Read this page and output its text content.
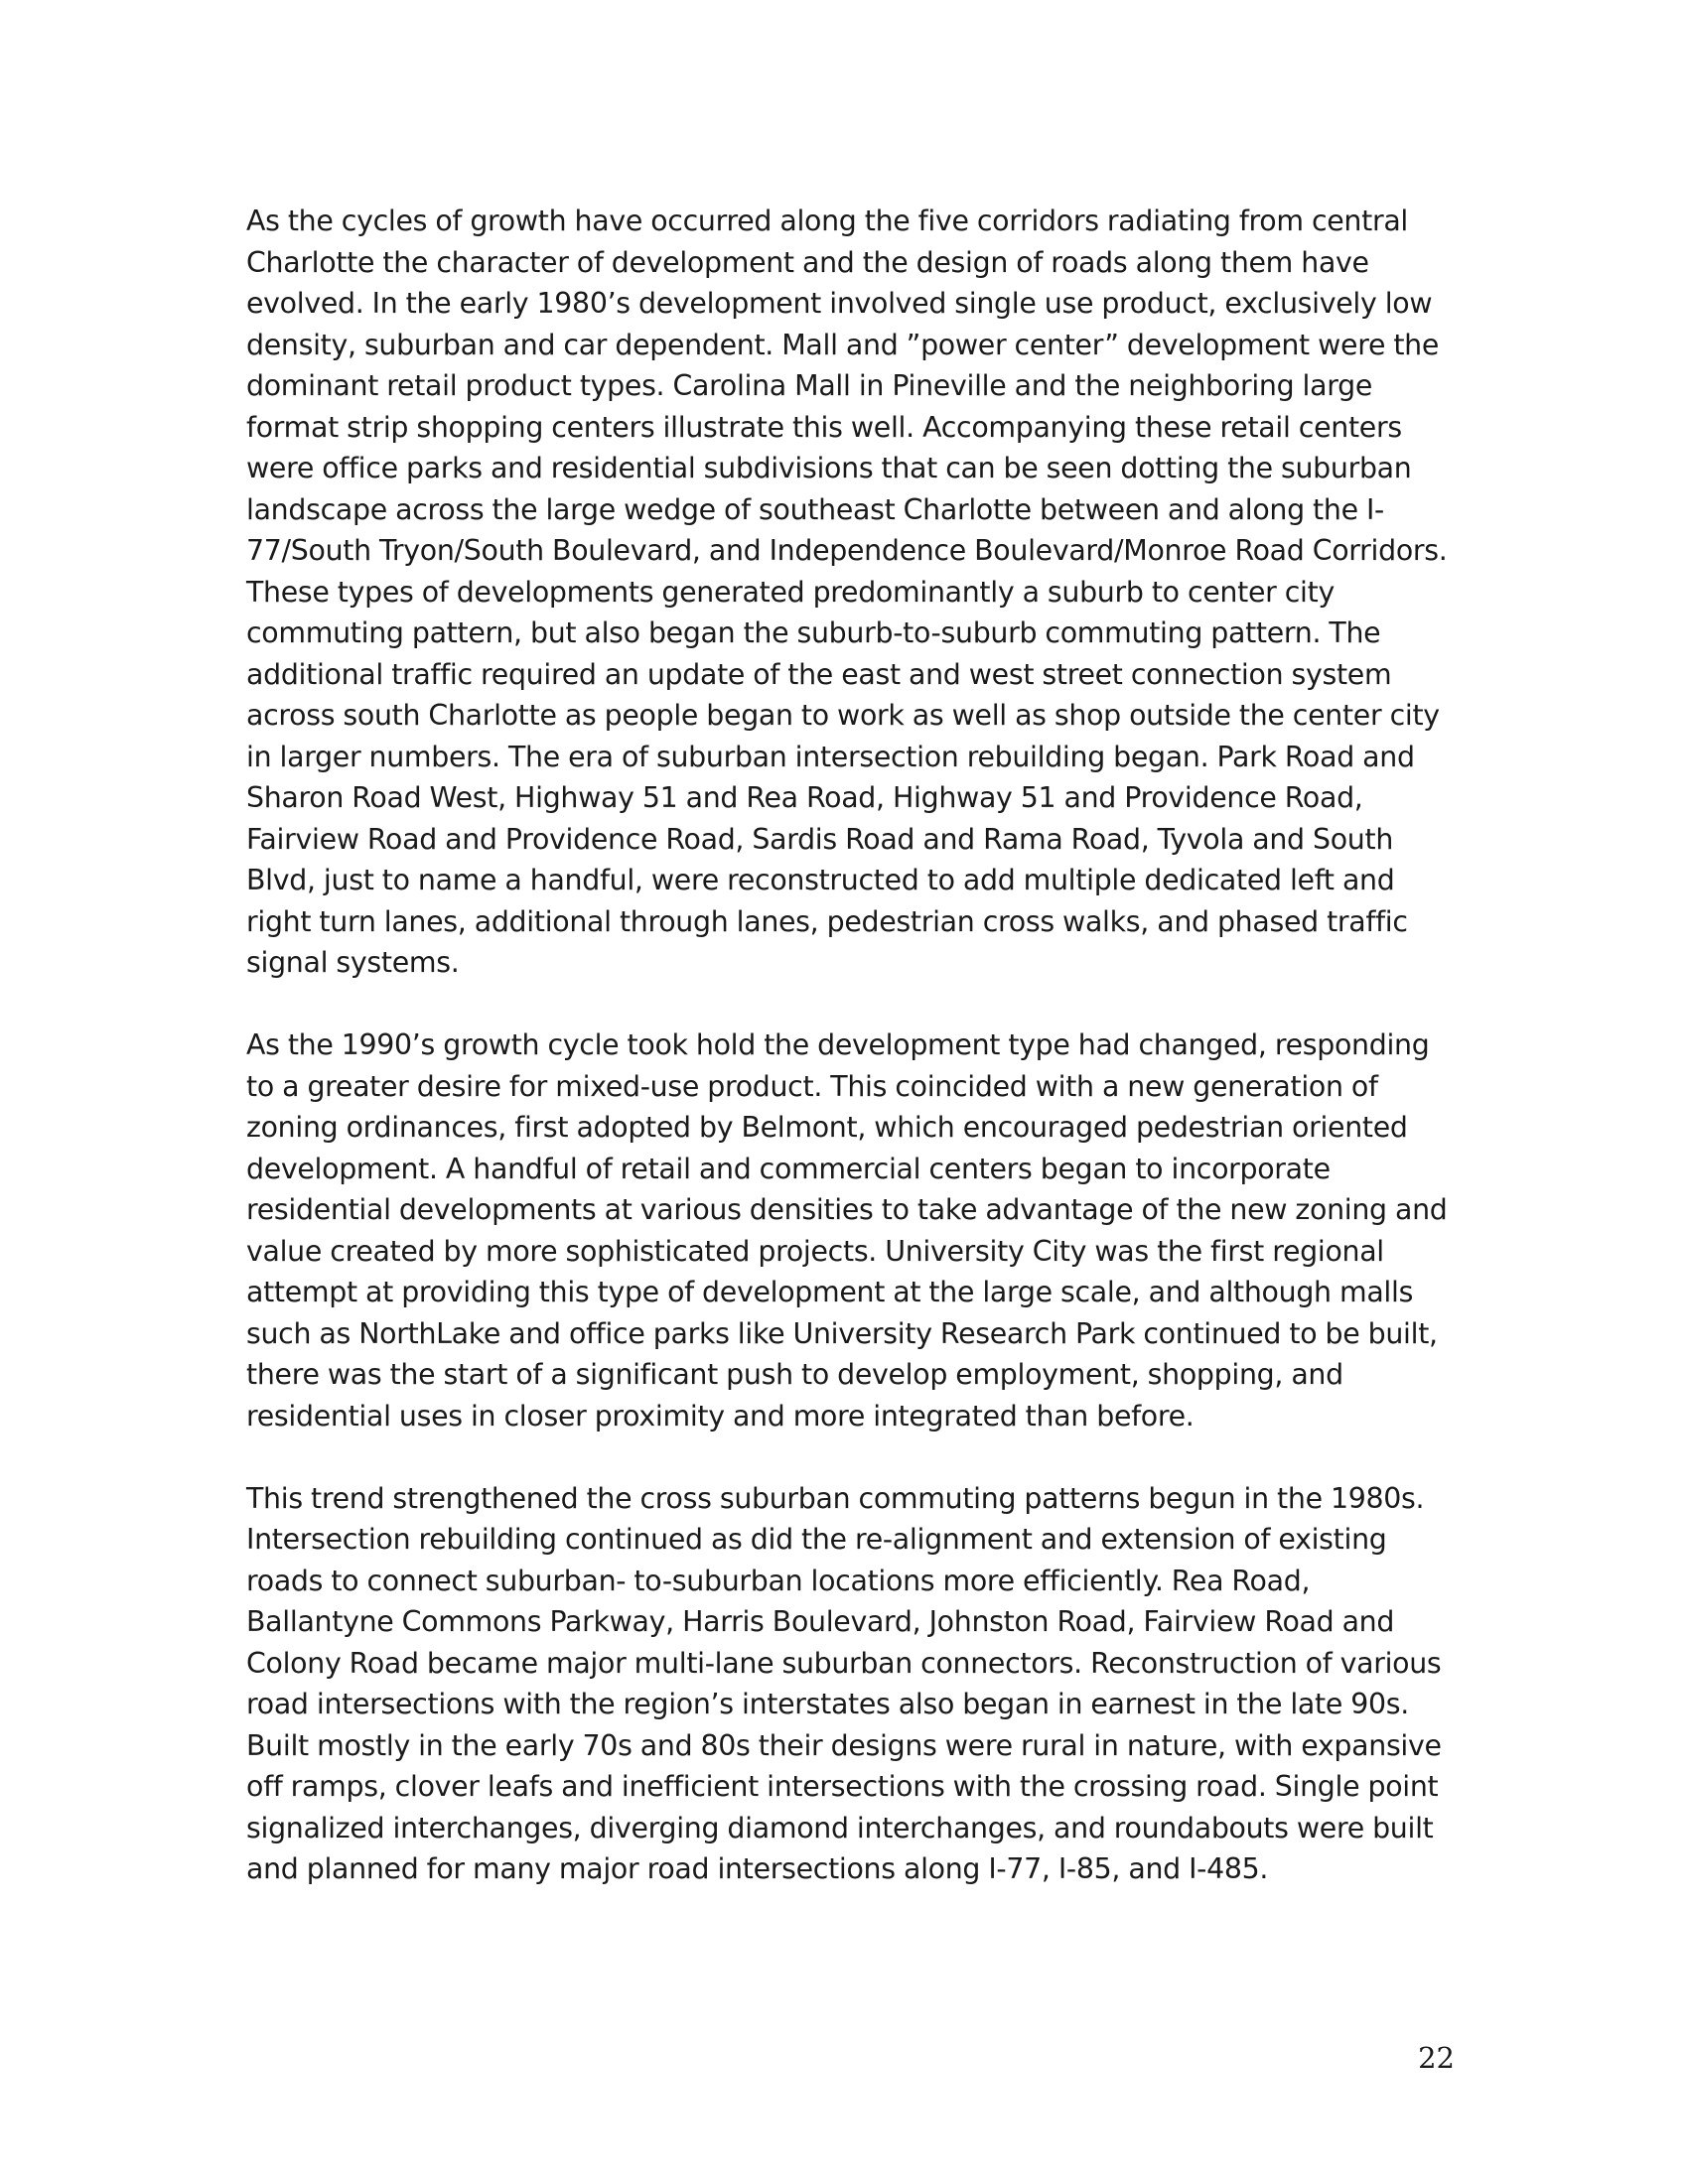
As the cycles of growth have occurred along the five corridors radiating from central Charlotte the character of development and the design of roads along them have evolved. In the early 1980’s development involved single use product, exclusively low density, suburban and car dependent. Mall and ”power center” development were the dominant retail product types. Carolina Mall in Pineville and the neighboring large format strip shopping centers illustrate this well. Accompanying these retail centers were office parks and residential subdivisions that can be seen dotting the suburban landscape across the large wedge of southeast Charlotte between and along the I-77/South Tryon/South Boulevard, and Independence Boulevard/Monroe Road Corridors. These types of developments generated predominantly a suburb to center city commuting pattern, but also began the suburb-to-suburb commuting pattern. The additional traffic required an update of the east and west street connection system across south Charlotte as people began to work as well as shop outside the center city in larger numbers. The era of suburban intersection rebuilding began. Park Road and Sharon Road West, Highway 51 and Rea Road, Highway 51 and Providence Road, Fairview Road and Providence Road, Sardis Road and Rama Road, Tyvola and South Blvd, just to name a handful, were reconstructed to add multiple dedicated left and right turn lanes, additional through lanes, pedestrian cross walks, and phased traffic signal systems.

As the 1990’s growth cycle took hold the development type had changed, responding to a greater desire for mixed-use product. This coincided with a new generation of zoning ordinances, first adopted by Belmont, which encouraged pedestrian oriented development. A handful of retail and commercial centers began to incorporate residential developments at various densities to take advantage of the new zoning and value created by more sophisticated projects. University City was the first regional attempt at providing this type of development at the large scale, and although malls such as NorthLake and office parks like University Research Park continued to be built, there was the start of a significant push to develop employment, shopping, and residential uses in closer proximity and more integrated than before.

This trend strengthened the cross suburban commuting patterns begun in the 1980s. Intersection rebuilding continued as did the re-alignment and extension of existing roads to connect suburban- to-suburban locations more efficiently. Rea Road, Ballantyne Commons Parkway, Harris Boulevard, Johnston Road, Fairview Road and Colony Road became major multi-lane suburban connectors. Reconstruction of various road intersections with the region’s interstates also began in earnest in the late 90s. Built mostly in the early 70s and 80s their designs were rural in nature, with expansive off ramps, clover leafs and inefficient intersections with the crossing road. Single point signalized interchanges, diverging diamond interchanges, and roundabouts were built and planned for many major road intersections along I-77, I-85, and I-485.

22
